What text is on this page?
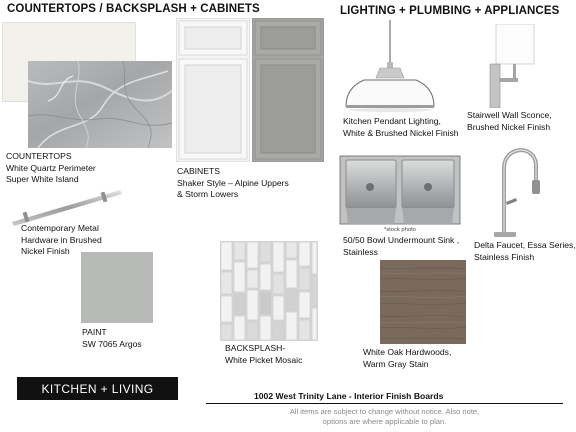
COUNTERTOPS / BACKSPLASH + CABINETS	LIGHTING + PLUMBING + APPLIANCES
COUNTERTOPS
White Quartz Perimeter
Super White Island
Contemporary Metal
Hardware in Brushed
Nickel Finish
PAINT
SW 7065 Argos
CABINETS
Shaker Style – Alpine Uppers
& Storm Lowers
BACKSPLASH-
White Picket Mosaic
Kitchen Pendant Lighting,
White & Brushed Nickel Finish
Stairwell Wall Sconce,
Brushed Nickel Finish
*stock photo
50/50 Bowl Undermount Sink ,
Stainless
Delta Faucet, Essa Series,
Stainless Finish
White Oak Hardwoods,
Warm Gray Stain
KITCHEN + LIVING
1002 West Trinity Lane - Interior Finish Boards
All items are subject to change without notice. Also note,
options are where applicable to plan.
